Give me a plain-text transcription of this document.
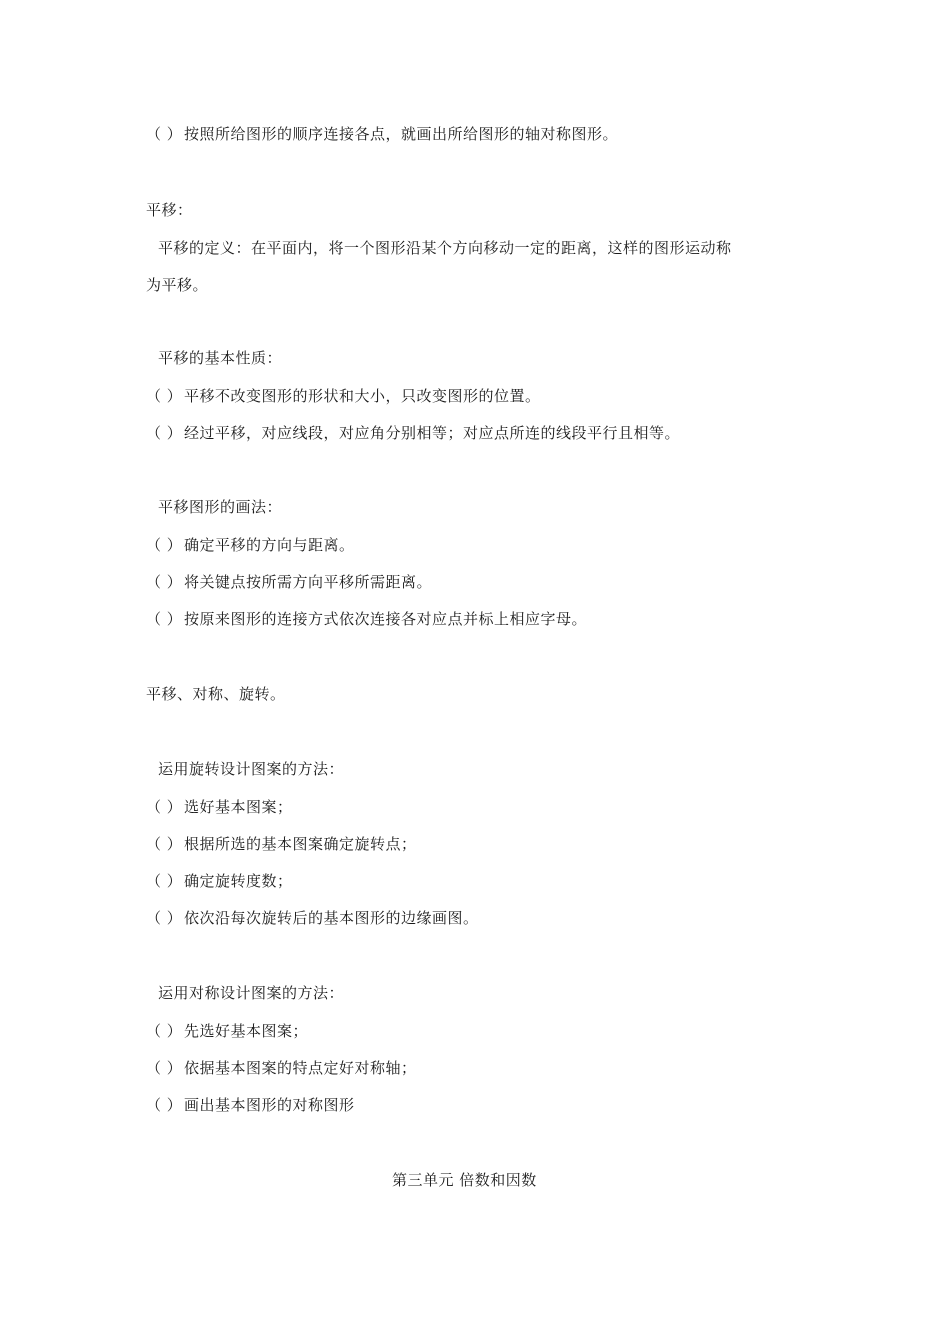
（ ） 按照所给图形的顺序连接各点，就画出所给图形的轴对称图形。
平移：
平移的定义：在平面内，将一个图形沿某个方向移动一定的距离，这样的图形运动称
为平移。
平移的基本性质：
（ ） 平移不改变图形的形状和大小，只改变图形的位置。
（ ） 经过平移，对应线段，对应角分别相等；对应点所连的线段平行且相等。
平移图形的画法：
（ ） 确定平移的方向与距离。
（ ） 将关键点按所需方向平移所需距离。
（ ） 按原来图形的连接方式依次连接各对应点并标上相应字母。
平移、对称、旋转。
运用旋转设计图案的方法：
（ ） 选好基本图案；
（ ） 根据所选的基本图案确定旋转点；
（ ） 确定旋转度数；
（ ） 依次沿每次旋转后的基本图形的边缘画图。
运用对称设计图案的方法：
（ ） 先选好基本图案；
（ ） 依据基本图案的特点定好对称轴；
（ ） 画出基本图形的对称图形
第三单元 倍数和因数
